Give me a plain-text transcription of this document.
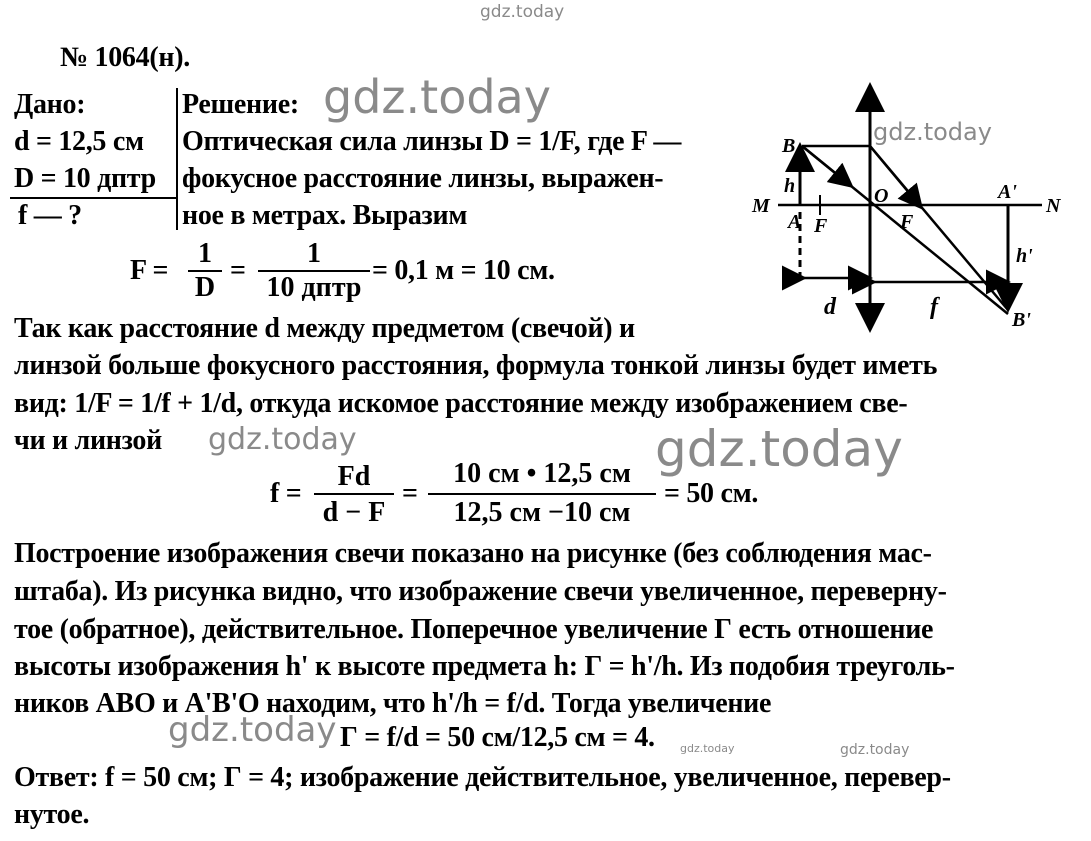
gdz.today
gdz.today
gdz.today
gdz.today	gdz.today
gdz.today	gdz.today	gdz.today
№ 1064(н).
Дано:
d = 12,5 см
D = 10 дптр
f — ?
Решение:
Оптическая сила линзы D = 1/F, где F —
фокусное расстояние линзы, выражен-
ное в метрах. Выразим
F =
1
D
=
1
10 дптр
= 0,1 м = 10 см.
B
h
M
A F
O
F
A'
N
h'
d	f	B'
Так как расстояние d между предметом (свечой) и
линзой больше фокусного расстояния, формула тонкой линзы будет иметь
вид: 1/F = 1/f + 1/d, откуда искомое расстояние между изображением све-
чи и линзой
f =
Fd
d − F
=
10 см • 12,5 см
12,5 см −10 см
= 50 см.
Построение изображения свечи показано на рисунке (без соблюдения мас-
штаба). Из рисунка видно, что изображение свечи увеличенное, переверну-
тое (обратное), действительное. Поперечное увеличение Г есть отношение
высоты изображения h' к высоте предмета h: Г = h'/h. Из подобия треуголь-
ников ABO и A'B'O находим, что h'/h = f/d. Тогда увеличение
Г = f/d = 50 см/12,5 см = 4.
Ответ: f = 50 см; Г = 4; изображение действительное, увеличенное, перевер-
нутое.
